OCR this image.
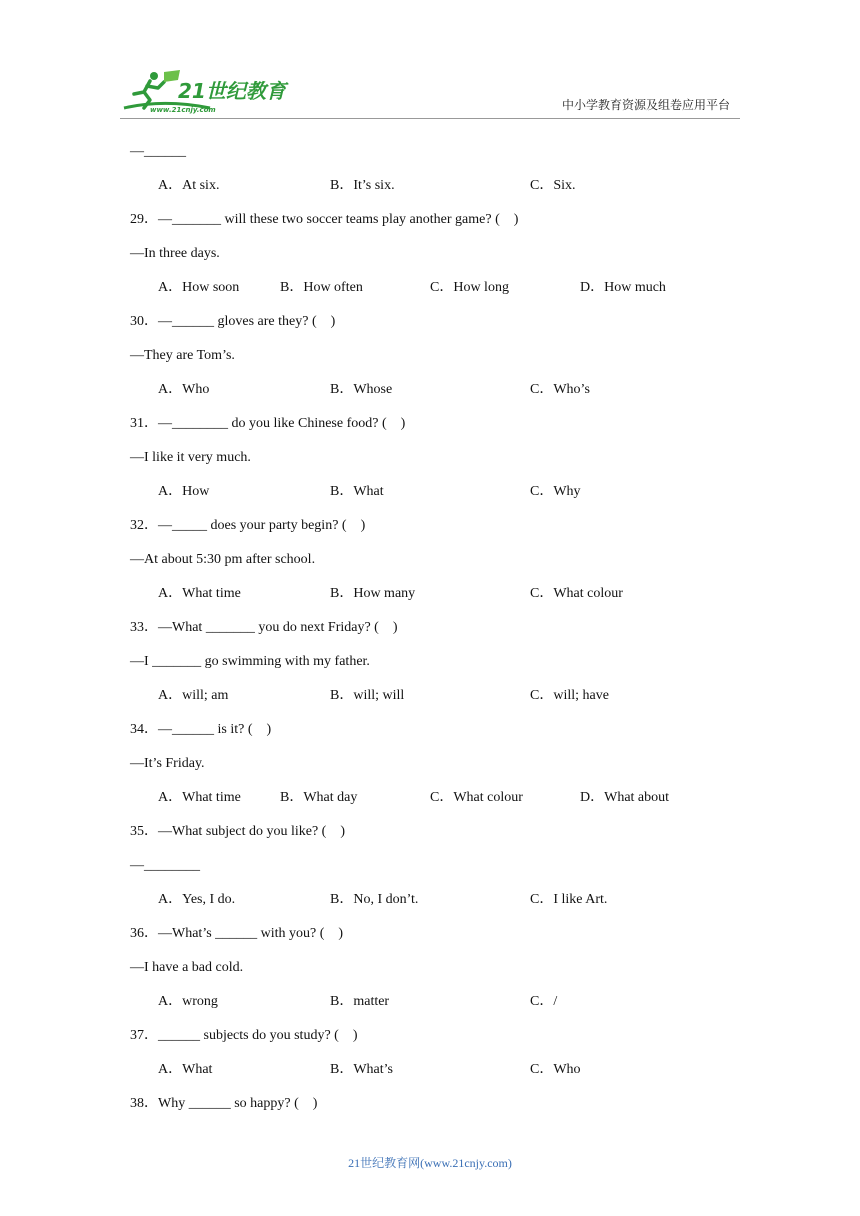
21世纪教育
www.21cnjy.com	中小学教育资源及组卷应用平台
—______
A．At six.	B．It’s six.	C．Six.
29．—_______ will these two soccer teams play another game? (　)
—In three days.
A．How soon	B．How often	C．How long	D．How much
30．—______ gloves are they? (　)
—They are Tom’s.
A．Who	B．Whose	C．Who’s
31．—________ do you like Chinese food? (　)
—I like it very much.
A．How	B．What	C．Why
32．—_____ does your party begin? (　)
—At about 5:30 pm after school.
A．What time	B．How many	C．What colour
33．—What _______ you do next Friday? (　)
—I _______ go swimming with my father.
A．will; am	B．will; will	C．will; have
34．—______ is it? (　)
—It’s Friday.
A．What time	B．What day	C．What colour	D．What about
35．—What subject do you like? (　)
—________
A．Yes, I do.	B．No, I don’t.	C．I like Art.
36．—What’s ______ with you? (　)
—I have a bad cold.
A．wrong	B．matter	C．/
37．______ subjects do you study? (　)
A．What	B．What’s	C．Who
38．Why ______ so happy? (　)
21世纪教育网(www.21cnjy.com)
